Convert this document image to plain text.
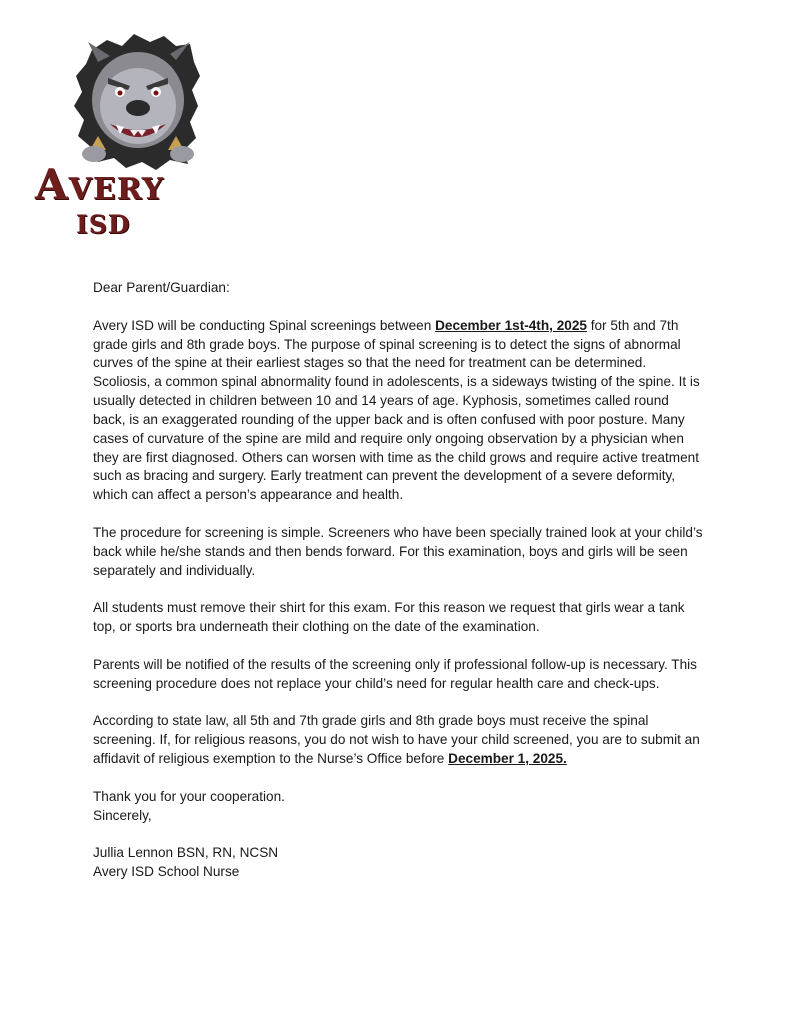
AVERY
ISD

Dear Parent/Guardian:

Avery ISD will be conducting Spinal screenings between December 1st-4th, 2025 for 5th and 7th grade girls and 8th grade boys. The purpose of spinal screening is to detect the signs of abnormal curves of the spine at their earliest stages so that the need for treatment can be determined. Scoliosis, a common spinal abnormality found in adolescents, is a sideways twisting of the spine. It is usually detected in children between 10 and 14 years of age. Kyphosis, sometimes called round back, is an exaggerated rounding of the upper back and is often confused with poor posture. Many cases of curvature of the spine are mild and require only ongoing observation by a physician when they are first diagnosed. Others can worsen with time as the child grows and require active treatment such as bracing and surgery. Early treatment can prevent the development of a severe deformity, which can affect a person’s appearance and health.

The procedure for screening is simple. Screeners who have been specially trained look at your child’s back while he/she stands and then bends forward. For this examination, boys and girls will be seen separately and individually.

All students must remove their shirt for this exam. For this reason we request that girls wear a tank top, or sports bra underneath their clothing on the date of the examination.

Parents will be notified of the results of the screening only if professional follow-up is necessary. This screening procedure does not replace your child’s need for regular health care and check-ups.

According to state law, all 5th and 7th grade girls and 8th grade boys must receive the spinal screening. If, for religious reasons, you do not wish to have your child screened, you are to submit an affidavit of religious exemption to the Nurse’s Office before December 1, 2025.

Thank you for your cooperation.
Sincerely,

Jullia Lennon BSN, RN, NCSN
Avery ISD School Nurse
